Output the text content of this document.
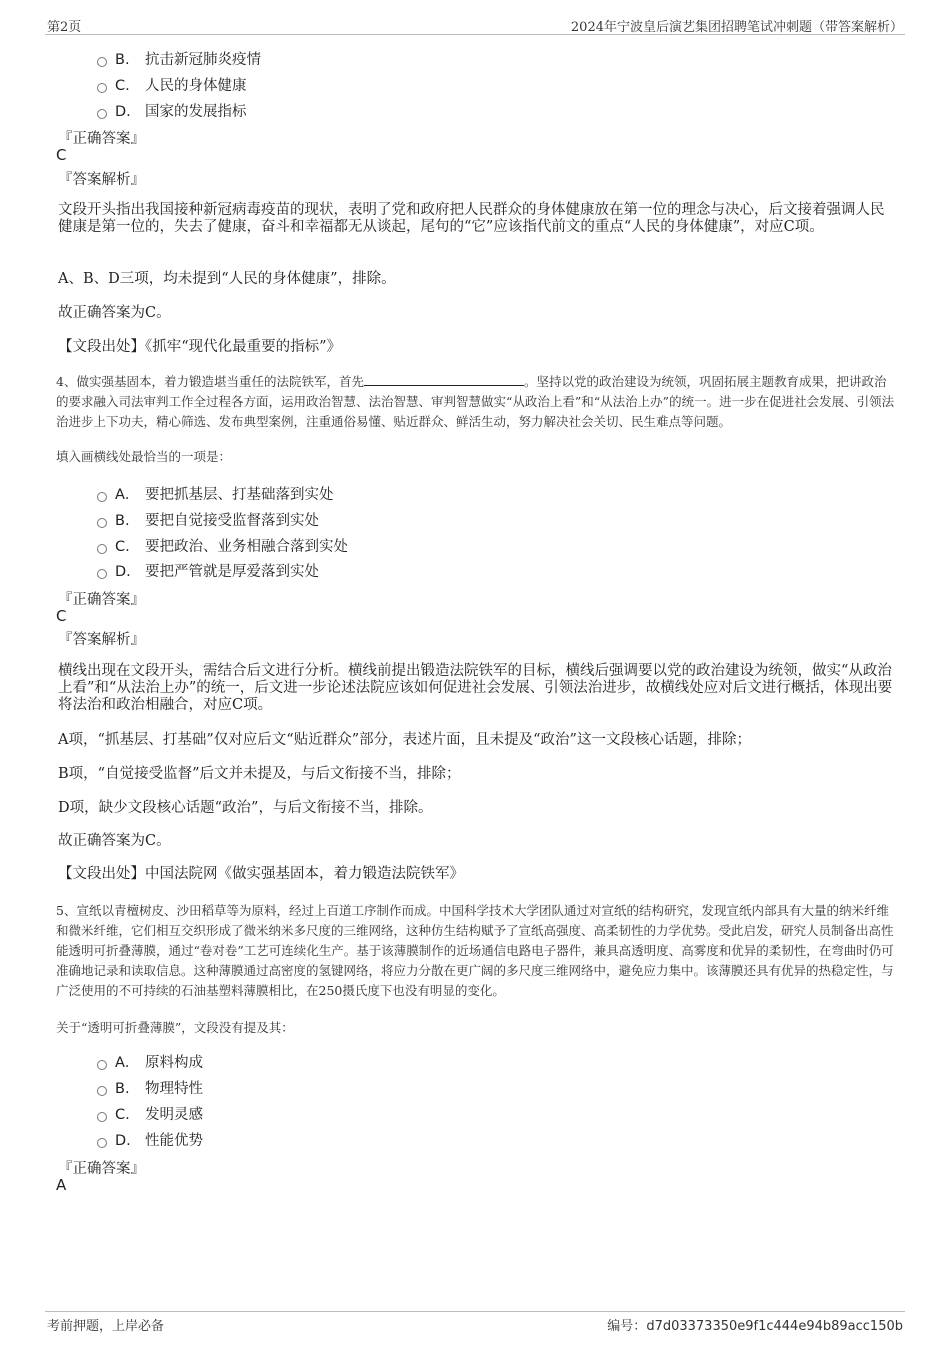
第2页	2024年宁波皇后演艺集团招聘笔试冲刺题（带答案解析）
B. 抗击新冠肺炎疫情
C. 人民的身体健康
D. 国家的发展指标
『正确答案』
C
『答案解析』
文段开头指出我国接种新冠病毒疫苗的现状，表明了党和政府把人民群众的身体健康放在第一位的理念与决心，后文接着强调人民健康是第一位的，失去了健康，奋斗和幸福都无从谈起，尾句的“它”应该指代前文的重点“人民的身体健康”，对应C项。
A、B、D三项，均未提到“人民的身体健康”，排除。
故正确答案为C。
【文段出处】《抓牢“现代化最重要的指标”》
4、做实强基固本，着力锻造堪当重任的法院铁军，首先	。坚持以党的政治建设为统领，巩固拓展主题教育成果，把讲政治的要求融入司法审判工作全过程各方面，运用政治智慧、法治智慧、审判智慧做实“从政治上看”和“从法治上办”的统一。进一步在促进社会发展、引领法治进步上下功夫，精心筛选、发布典型案例，注重通俗易懂、贴近群众、鲜活生动，努力解决社会关切、民生难点等问题。
填入画横线处最恰当的一项是：
A． 要把抓基层、打基础落到实处
B. 要把自觉接受监督落到实处
C. 要把政治、业务相融合落到实处
D. 要把严管就是厚爱落到实处
『正确答案』
C
『答案解析』
横线出现在文段开头，需结合后文进行分析。横线前提出锻造法院铁军的目标，横线后强调要以党的政治建设为统领，做实“从政治上看”和“从法治上办”的统一，后文进一步论述法院应该如何促进社会发展、引领法治进步，故横线处应对后文进行概括，体现出要将法治和政治相融合，对应C项。
A项，“抓基层、打基础”仅对应后文“贴近群众”部分，表述片面，且未提及“政治”这一文段核心话题，排除；
B项，“自觉接受监督”后文并未提及，与后文衔接不当，排除；
D项，缺少文段核心话题“政治”，与后文衔接不当，排除。
故正确答案为C。
【文段出处】中国法院网《做实强基固本，着力锻造法院铁军》
5、宣纸以青檀树皮、沙田稻草等为原料，经过上百道工序制作而成。中国科学技术大学团队通过对宣纸的结构研究，发现宣纸内部具有大量的纳米纤维和微米纤维，它们相互交织形成了微米纳米多尺度的三维网络，这种仿生结构赋予了宣纸高强度、高柔韧性的力学优势。受此启发，研究人员制备出高性能透明可折叠薄膜，通过“卷对卷”工艺可连续化生产。基于该薄膜制作的近场通信电路电子器件，兼具高透明度、高雾度和优异的柔韧性，在弯曲时仍可准确地记录和读取信息。这种薄膜通过高密度的氢键网络，将应力分散在更广阔的多尺度三维网络中，避免应力集中。该薄膜还具有优异的热稳定性，与广泛使用的不可持续的石油基塑料薄膜相比，在250摄氏度下也没有明显的变化。
关于“透明可折叠薄膜”，文段没有提及其：
A． 原料构成
B. 物理特性
C. 发明灵感
D. 性能优势
『正确答案』
A
考前押题，上岸必备	编号：d7d03373350e9f1c444e94b89acc150b
